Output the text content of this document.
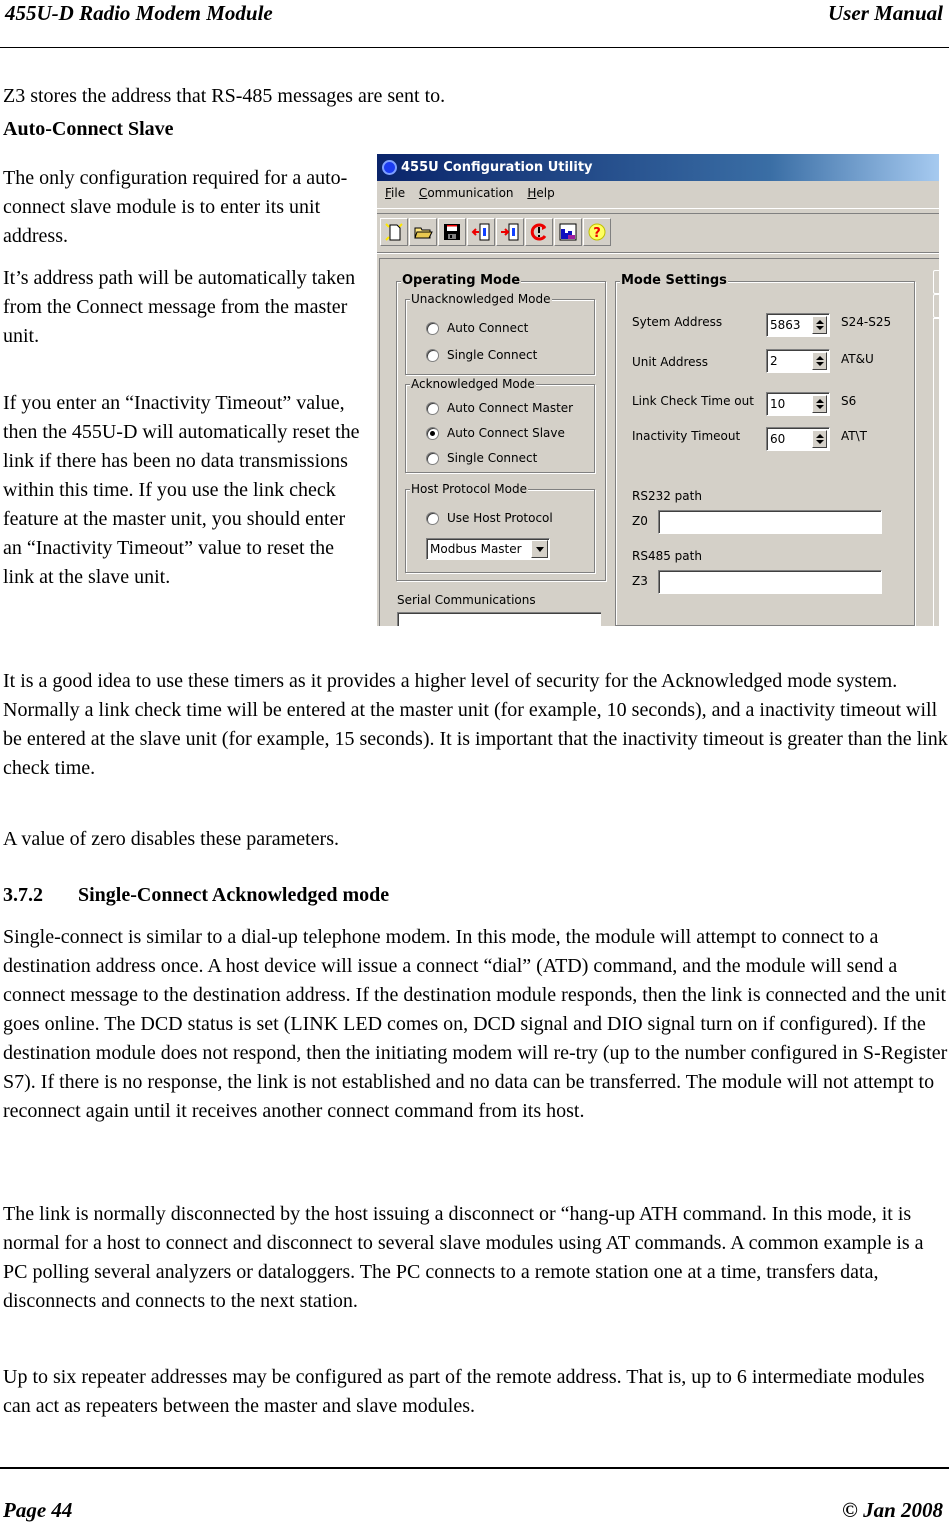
455U-D Radio Modem Module	User Manual
Z3 stores the address that RS-485 messages are sent to.
Auto-Connect Slave
The only configuration required for a auto-connect slave module is to enter its unit address.
It’s address path will be automatically taken from the Connect message from the master unit.
If you enter an “Inactivity Timeout” value, then the 455U-D will automatically reset the link if there has been no data transmissions within this time. If you use the link check feature at the master unit, you should enter an “Inactivity Timeout” value to reset the link at the slave unit.
It is a good idea to use these timers as it provides a higher level of security for the Acknowledged mode system. Normally a link check time will be entered at the master unit (for example, 10 seconds), and a inactivity timeout will be entered at the slave unit (for example, 15 seconds). It is important that the inactivity timeout is greater than the link check time.
A value of zero disables these parameters.
3.7.2 Single-Connect Acknowledged mode
Single-connect is similar to a dial-up telephone modem. In this mode, the module will attempt to connect to a destination address once. A host device will issue a connect “dial” (ATD) command, and the module will send a connect message to the destination address. If the destination module responds, then the link is connected and the unit goes online. The DCD status is set (LINK LED comes on, DCD signal and DIO signal turn on if configured). If the destination module does not respond, then the initiating modem will re-try (up to the number configured in S-Register S7). If there is no response, the link is not established and no data can be transferred. The module will not attempt to reconnect again until it receives another connect command from its host.
The link is normally disconnected by the host issuing a disconnect or “hang-up ATH command. In this mode, it is normal for a host to connect and disconnect to several slave modules using AT commands. A common example is a PC polling several analyzers or dataloggers. The PC connects to a remote station one at a time, transfers data, disconnects and connects to the next station.
Up to six repeater addresses may be configured as part of the remote address. That is, up to 6 intermediate modules can act as repeaters between the master and slave modules.
455U Configuration Utility
File Communication Help
?
Operating Mode
Unacknowledged Mode
Auto Connect
Single Connect
Acknowledged Mode
Auto Connect Master
Auto Connect Slave
Single Connect
Host Protocol Mode
Use Host Protocol
Modbus Master
Serial Communications
Mode Settings
Sytem Address	5863	S24-S25
Unit Address	2	AT&U
Link Check Time out	10	S6
Inactivity Timeout	60	AT\T
RS232 path
Z0
RS485 path
Z3
Page 44	© Jan 2008
